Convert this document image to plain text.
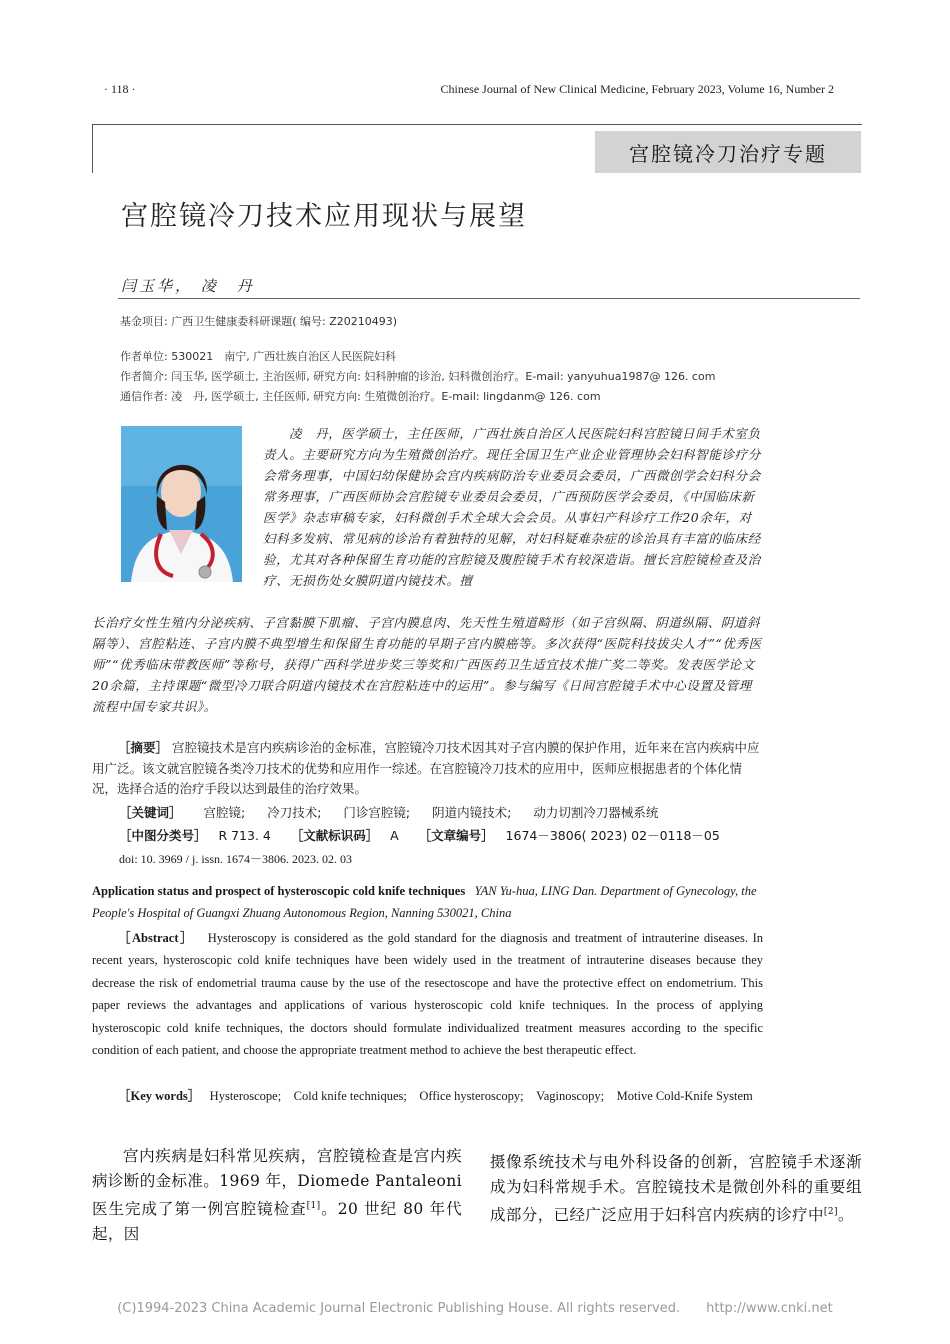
· 118 ·	Chinese Journal of New Clinical Medicine, February 2023, Volume 16, Number 2
宫腔镜冷刀治疗专题
宫腔镜冷刀技术应用现状与展望
闫玉华， 凌　丹
基金项目: 广西卫生健康委科研课题( 编号: Z20210493)
作者单位: 530021　南宁, 广西壮族自治区人民医院妇科
作者简介: 闫玉华, 医学硕士, 主治医师, 研究方向: 妇科肿瘤的诊治, 妇科微创治疗。E-mail: yanyuhua1987@ 126. com
通信作者: 凌　丹, 医学硕士, 主任医师, 研究方向: 生殖微创治疗。E-mail: lingdanm@ 126. com
凌　丹，医学硕士，主任医师，广西壮族自治区人民医院妇科宫腔镜日间手术室负责人。主要研究方向为生殖微创治疗。现任全国卫生产业企业管理协会妇科智能诊疗分会常务理事，中国妇幼保健协会宫内疾病防治专业委员会委员，广西微创学会妇科分会常务理事，广西医师协会宫腔镜专业委员会委员，广西预防医学会委员，《中国临床新医学》杂志审稿专家，妇科微创手术全球大会会员。从事妇产科诊疗工作20余年，对妇科多发病、常见病的诊治有着独特的见解，对妇科疑难杂症的诊治具有丰富的临床经验，尤其对各种保留生育功能的宫腔镜及腹腔镜手术有较深造诣。擅长宫腔镜检查及治疗、无损伤处女膜阴道内镜技术。擅
长治疗女性生殖内分泌疾病、子宫黏膜下肌瘤、子宫内膜息肉、先天性生殖道畸形（如子宫纵隔、阴道纵隔、阴道斜隔等）、宫腔粘连、子宫内膜不典型增生和保留生育功能的早期子宫内膜癌等。多次获得“医院科技拔尖人才”“优秀医师”“优秀临床带教医师”等称号，获得广西科学进步奖三等奖和广西医药卫生适宜技术推广奖二等奖。发表医学论文20余篇，主持课题“微型冷刀联合阴道内镜技术在宫腔粘连中的运用”。参与编写《日间宫腔镜手术中心设置及管理流程中国专家共识》。
［摘要］ 宫腔镜技术是宫内疾病诊治的金标准，宫腔镜冷刀技术因其对子宫内膜的保护作用，近年来在宫内疾病中应用广泛。该文就宫腔镜各类冷刀技术的优势和应用作一综述。在宫腔镜冷刀技术的应用中，医师应根据患者的个体化情况，选择合适的治疗手段以达到最佳的治疗效果。
［关键词］ 宫腔镜; 冷刀技术; 门诊宫腔镜; 阴道内镜技术; 动力切割冷刀器械系统
［中图分类号］ R 713. 4 ［文献标识码］ A ［文章编号］ 1674－3806( 2023) 02－0118－05
doi: 10. 3969 / j. issn. 1674－3806. 2023. 02. 03
Application status and prospect of hysteroscopic cold knife techniques YAN Yu-hua, LING Dan. Department of Gynecology, the People's Hospital of Guangxi Zhuang Autonomous Region, Nanning 530021, China
［Abstract］ Hysteroscopy is considered as the gold standard for the diagnosis and treatment of intrauterine diseases. In recent years, hysteroscopic cold knife techniques have been widely used in the treatment of intrauterine diseases because they decrease the risk of endometrial trauma cause by the use of the resectoscope and have the protective effect on endometrium. This paper reviews the advantages and applications of various hysteroscopic cold knife techniques. In the process of applying hysteroscopic cold knife techniques, the doctors should formulate individualized treatment measures according to the specific condition of each patient, and choose the appropriate treatment method to achieve the best therapeutic effect.
［Key words］ Hysteroscope;　Cold knife techniques;　Office hysteroscopy;　Vaginoscopy;　Motive Cold-Knife System
宫内疾病是妇科常见疾病，宫腔镜检查是宫内疾病诊断的金标准。1969 年，Diomede Pantaleoni 医生完成了第一例宫腔镜检查[1]。20 世纪 80 年代起，因
摄像系统技术与电外科设备的创新，宫腔镜手术逐渐成为妇科常规手术。宫腔镜技术是微创外科的重要组成部分，已经广泛应用于妇科宫内疾病的诊疗中[2]。
(C)1994-2023 China Academic Journal Electronic Publishing House. All rights reserved.　　http://www.cnki.net
